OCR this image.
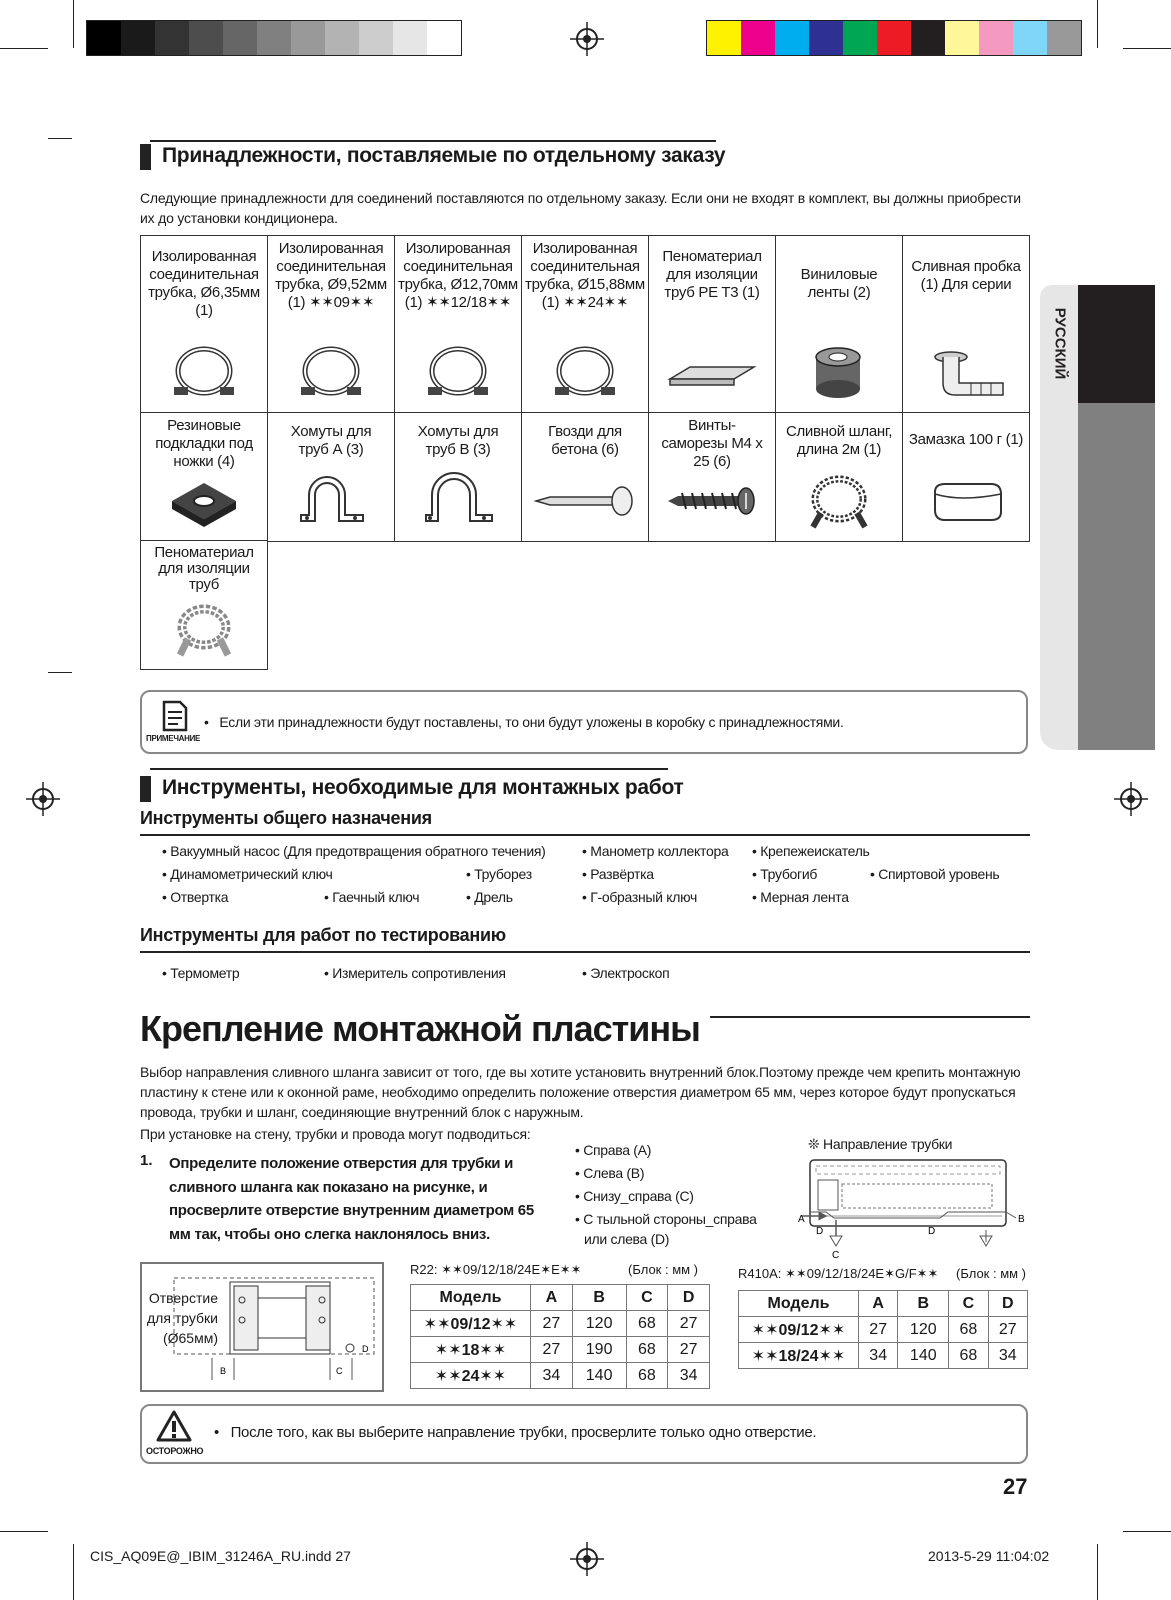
РУССКИЙ
Принадлежности, поставляемые по отдельному заказу
Следующие принадлежности для соединений поставляются по отдельному заказу. Если они не входят в комплект, вы должны приобрести их до установки кондиционера.
Изолированная соединительная трубка, Ø6,35мм (1)
Изолированная соединительная трубка, Ø9,52мм (1) ✶✶09✶✶
Изолированная соединительная трубка, Ø12,70мм (1) ✶✶12/18✶✶
Изолированная соединительная трубка, Ø15,88мм (1) ✶✶24✶✶
Пеноматериал для изоляции труб PE T3 (1)
Виниловые ленты (2)
Сливная пробка (1) Для серии
Резиновые подкладки под ножки (4)
Хомуты для труб А (3)
Хомуты для труб B (3)
Гвозди для бетона (6)
Винты-саморезы M4 x 25 (6)
Сливной шланг, длина 2м (1)
Замазка 100 г (1)
Пеноматериал для изоляции труб
ПРИМЕЧАНИЕ
•   Если эти принадлежности будут поставлены, то они будут уложены в коробку с принадлежностями.
Инструменты, необходимые для монтажных работ
Инструменты общего назначения
• Вакуумный насос (Для предотвращения обратного течения)	• Манометр коллектора • Крепежеискатель
• Динамометрический ключ	• Труборез	• Развёртка	• Трубогиб	• Спиртовой уровень
• Отвертка	• Гаечный ключ	• Дрель	• Г-образный ключ	• Мерная лента
Инструменты для работ по тестированию
• Термометр	• Измеритель сопротивления	• Электроскоп
Крепление монтажной пластины
Выбор направления сливного шланга зависит от того, где вы хотите установить внутренний блок.Поэтому прежде чем крепить монтажную пластину к стене или к оконной раме, необходимо определить положение отверстия диаметром 65 мм, через которое будут пропускаться провода, трубки и шланг, соединяющие внутренний блок с наружным.
При установке на стену, трубки и провода могут подводиться:
1. Определите положение отверстия для трубки и сливного шланга как показано на рисунке, и просверлите отверстие внутренним диаметром 65 мм так, чтобы оно слегка наклонялось вниз.
• Справа (A)
• Слева (B)
• Снизу_справа (C)
• С тыльной стороны_справа
или слева (D)
❊ Направление трубки
A	B
D	D
C
Отверстие
для трубки
(Ø65мм)
B	C
D
R22: ✶✶09/12/18/24E✶E✶✶	(Блок : мм )
Модель	A	B	C	D
✶✶09/12✶✶	27	120	68	27
✶✶18✶✶	27	190	68	27
✶✶24✶✶	34	140	68	34
R410A: ✶✶09/12/18/24E✶G/F✶✶ (Блок : мм )
Модель	A	B	C	D
✶✶09/12✶✶	27	120	68	27
✶✶18/24✶✶	34	140	68	34
ОСТОРОЖНО
•   После того, как вы выберите направление трубки, просверлите только одно отверстие.
27
CIS_AQ09E@_IBIM_31246A_RU.indd 27	2013-5-29 11:04:02
